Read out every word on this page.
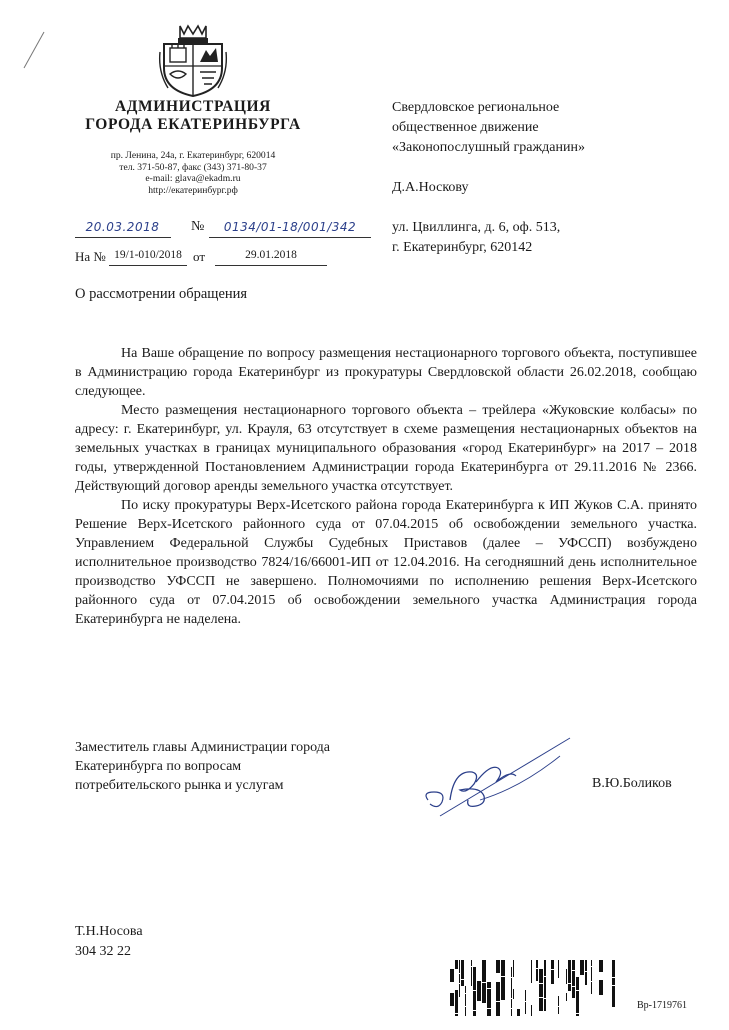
АДМИНИСТРАЦИЯ
ГОРОДА ЕКАТЕРИНБУРГА
пр. Ленина, 24а, г. Екатеринбург, 620014
тел. 371-50-87, факс (343) 371-80-37
e-mail: glava@ekadm.ru
http://екатеринбург.рф
Свердловское региональное
общественное движение
«Законопослушный гражданин»
Д.А.Носкову
ул. Цвиллинга, д. 6, оф. 513,
г. Екатеринбург, 620142
20.03.2018	№	0134/01-18/001/342
На № 19/1-010/2018 от	29.01.2018
О рассмотрении обращения

На Ваше обращение по вопросу размещения нестационарного торгового объекта, поступившее в Администрацию города Екатеринбург из прокуратуры Свердловской области 26.02.2018, сообщаю следующее.

Место размещения нестационарного торгового объекта – трейлера «Жуковские колбасы» по адресу: г. Екатеринбург, ул. Крауля, 63 отсутствует в схеме размещения нестационарных объектов на земельных участках в границах муниципального образования «город Екатеринбург» на 2017 – 2018 годы, утвержденной Постановлением Администрации города Екатеринбурга от 29.11.2016 № 2366. Действующий договор аренды земельного участка отсутствует.

По иску прокуратуры Верх-Исетского района города Екатеринбурга к ИП Жуков С.А. принято Решение Верх-Исетского районного суда от 07.04.2015 об освобождении земельного участка. Управлением Федеральной Службы Судебных Приставов (далее – УФССП) возбуждено исполнительное производство 7824/16/66001-ИП от 12.04.2016. На сегодняшний день исполнительное производство УФССП не завершено. Полномочиями по исполнению решения Верх-Исетского районного суда от 07.04.2015 об освобождении земельного участка Администрация города Екатеринбурга не наделена.

Заместитель главы Администрации города
Екатеринбурга по вопросам
потребительского рынка и услугам	В.Ю.Боликов
Т.Н.Носова
304 32 22
Вр-1719761
